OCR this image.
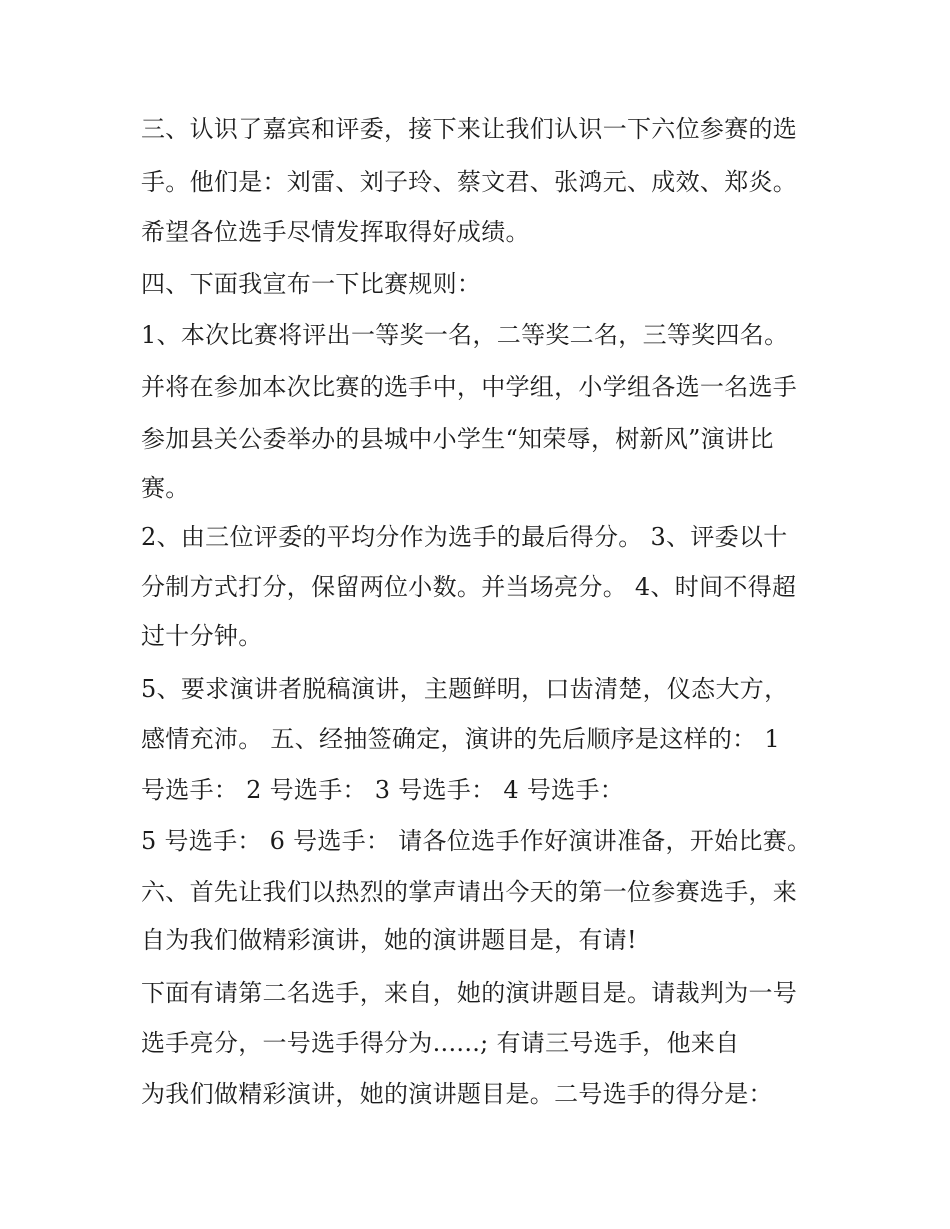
三、认识了嘉宾和评委，接下来让我们认识一下六位参赛的选

手。他们是：刘雷、刘子玲、蔡文君、张鸿元、成效、郑炎。

希望各位选手尽情发挥取得好成绩。

四、下面我宣布一下比赛规则：

1、本次比赛将评出一等奖一名，二等奖二名，三等奖四名。

并将在参加本次比赛的选手中，中学组，小学组各选一名选手

参加县关公委举办的县城中小学生“知荣辱，树新风”演讲比

赛。

2、由三位评委的平均分作为选手的最后得分。 3、评委以十

分制方式打分，保留两位小数。并当场亮分。 4、时间不得超

过十分钟。

5、要求演讲者脱稿演讲，主题鲜明，口齿清楚，仪态大方，

感情充沛。 五、经抽签确定，演讲的先后顺序是这样的： 1

号选手： 2 号选手： 3 号选手： 4 号选手：

5 号选手： 6 号选手： 请各位选手作好演讲准备，开始比赛。

六、首先让我们以热烈的掌声请出今天的第一位参赛选手，来

自为我们做精彩演讲，她的演讲题目是，有请!

下面有请第二名选手，来自，她的演讲题目是。请裁判为一号

选手亮分，一号选手得分为......; 有请三号选手，他来自

为我们做精彩演讲，她的演讲题目是。二号选手的得分是：
